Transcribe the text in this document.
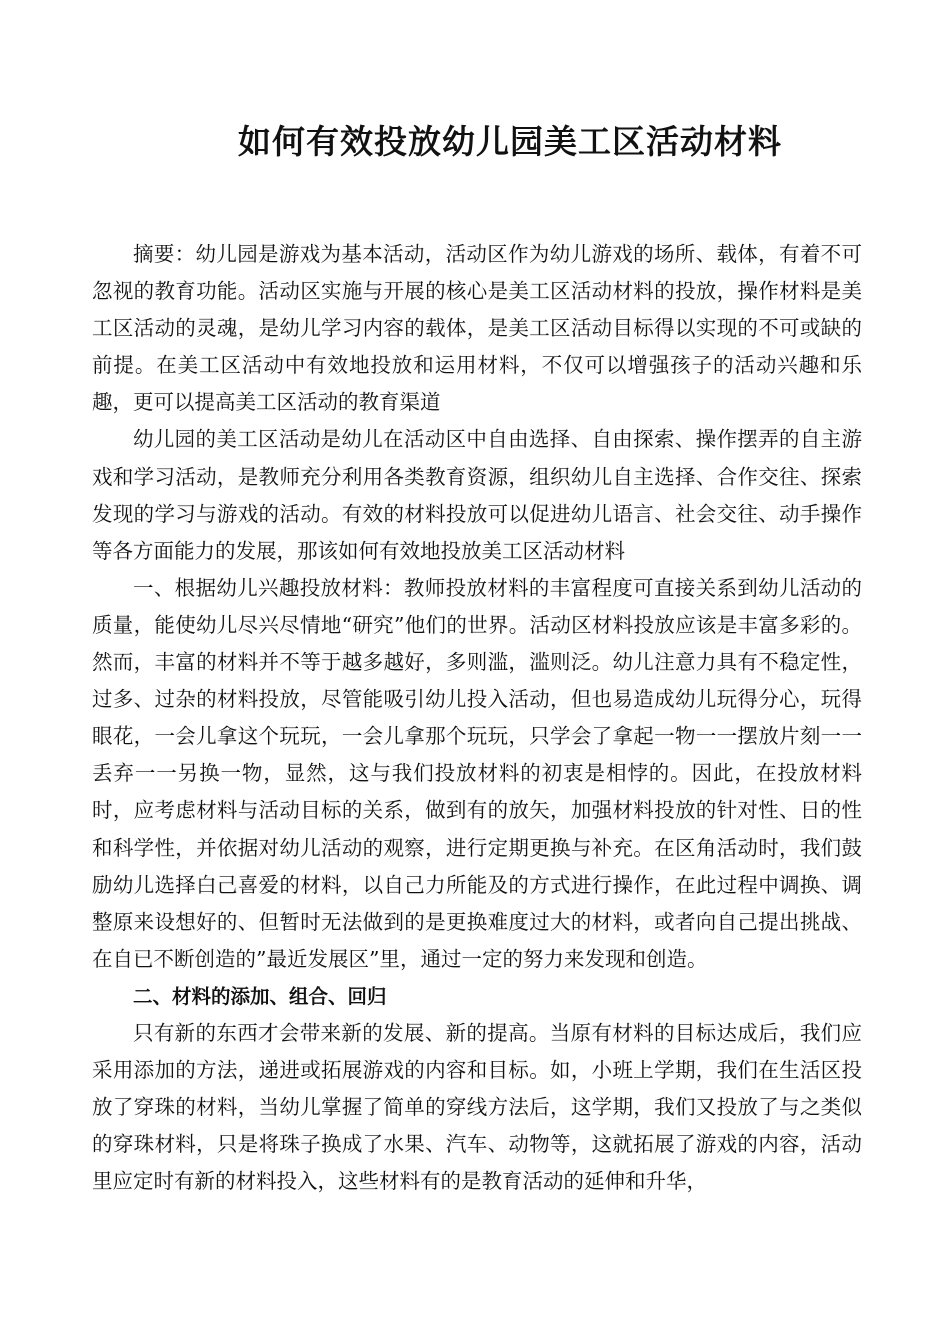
如何有效投放幼儿园美工区活动材料

摘要：幼儿园是游戏为基本活动，活动区作为幼儿游戏的场所、载体，有着不可忽视的教育功能。活动区实施与开展的核心是美工区活动材料的投放，操作材料是美工区活动的灵魂，是幼儿学习内容的载体，是美工区活动目标得以实现的不可或缺的前提。在美工区活动中有效地投放和运用材料，不仅可以增强孩子的活动兴趣和乐趣，更可以提高美工区活动的教育渠道

幼儿园的美工区活动是幼儿在活动区中自由选择、自由探索、操作摆弄的自主游戏和学习活动，是教师充分利用各类教育资源，组织幼儿自主选择、合作交往、探索发现的学习与游戏的活动。有效的材料投放可以促进幼儿语言、社会交往、动手操作等各方面能力的发展，那该如何有效地投放美工区活动材料

一、根据幼儿兴趣投放材料：教师投放材料的丰富程度可直接关系到幼儿活动的质量，能使幼儿尽兴尽情地“研究”他们的世界。活动区材料投放应该是丰富多彩的。然而，丰富的材料并不等于越多越好，多则滥，滥则泛。幼儿注意力具有不稳定性，过多、过杂的材料投放，尽管能吸引幼儿投入活动，但也易造成幼儿玩得分心，玩得眼花，一会儿拿这个玩玩，一会儿拿那个玩玩，只学会了拿起一物一一摆放片刻一一丢弃一一另换一物，显然，这与我们投放材料的初衷是相悖的。因此，在投放材料时，应考虑材料与活动目标的关系，做到有的放矢，加强材料投放的针对性、日的性和科学性，并依据对幼儿活动的观察，进行定期更换与补充。在区角活动时，我们鼓励幼儿选择白己喜爱的材料，以自己力所能及的方式进行操作，在此过程中调换、调整原来设想好的、但暂时无法做到的是更换难度过大的材料，或者向自己提出挑战、在自已不断创造的”最近发展区”里，通过一定的努力来发现和创造。

二、材料的添加、组合、回归

只有新的东西才会带来新的发展、新的提高。当原有材料的目标达成后，我们应采用添加的方法，递进或拓展游戏的内容和目标。如，小班上学期，我们在生活区投放了穿珠的材料，当幼儿掌握了简单的穿线方法后，这学期，我们又投放了与之类似的穿珠材料，只是将珠子换成了水果、汽车、动物等，这就拓展了游戏的内容，活动里应定时有新的材料投入，这些材料有的是教育活动的延伸和升华，
